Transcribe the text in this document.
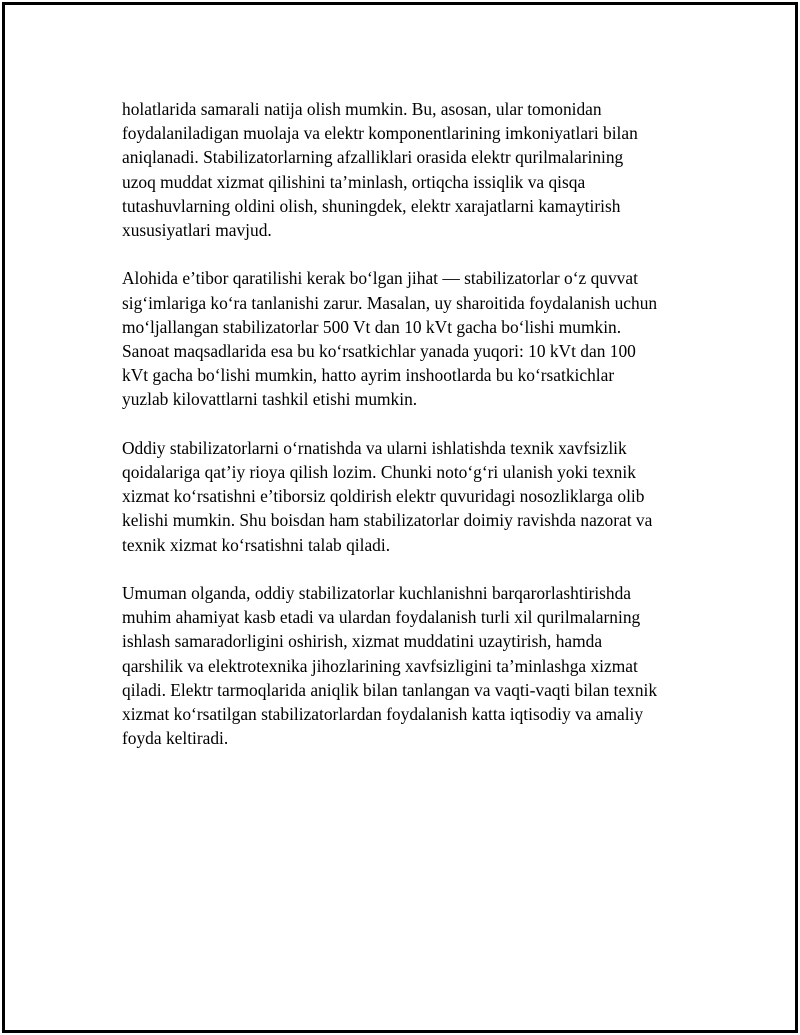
holatlarida samarali natija olish mumkin. Bu, asosan, ular tomonidan
foydalaniladigan muolaja va elektr komponentlarining imkoniyatlari bilan
aniqlanadi. Stabilizatorlarning afzalliklari orasida elektr qurilmalarining
uzoq muddat xizmat qilishini ta’minlash, ortiqcha issiqlik va qisqa
tutashuvlarning oldini olish, shuningdek, elektr xarajatlarni kamaytirish
xususiyatlari mavjud.

Alohida e’tibor qaratilishi kerak boʻlgan jihat — stabilizatorlar oʻz quvvat
sigʻimlariga koʻra tanlanishi zarur. Masalan, uy sharoitida foydalanish uchun
moʻljallangan stabilizatorlar 500 Vt dan 10 kVt gacha boʻlishi mumkin.
Sanoat maqsadlarida esa bu koʻrsatkichlar yanada yuqori: 10 kVt dan 100
kVt gacha boʻlishi mumkin, hatto ayrim inshootlarda bu koʻrsatkichlar
yuzlab kilovattlarni tashkil etishi mumkin.

Oddiy stabilizatorlarni oʻrnatishda va ularni ishlatishda texnik xavfsizlik
qoidalariga qat’iy rioya qilish lozim. Chunki notoʻgʻri ulanish yoki texnik
xizmat koʻrsatishni e’tiborsiz qoldirish elektr quvuridagi nosozliklarga olib
kelishi mumkin. Shu boisdan ham stabilizatorlar doimiy ravishda nazorat va
texnik xizmat koʻrsatishni talab qiladi.

Umuman olganda, oddiy stabilizatorlar kuchlanishni barqarorlashtirishda
muhim ahamiyat kasb etadi va ulardan foydalanish turli xil qurilmalarning
ishlash samaradorligini oshirish, xizmat muddatini uzaytirish, hamda
qarshilik va elektrotexnika jihozlarining xavfsizligini ta’minlashga xizmat
qiladi. Elektr tarmoqlarida aniqlik bilan tanlangan va vaqti-vaqti bilan texnik
xizmat koʻrsatilgan stabilizatorlardan foydalanish katta iqtisodiy va amaliy
foyda keltiradi.
